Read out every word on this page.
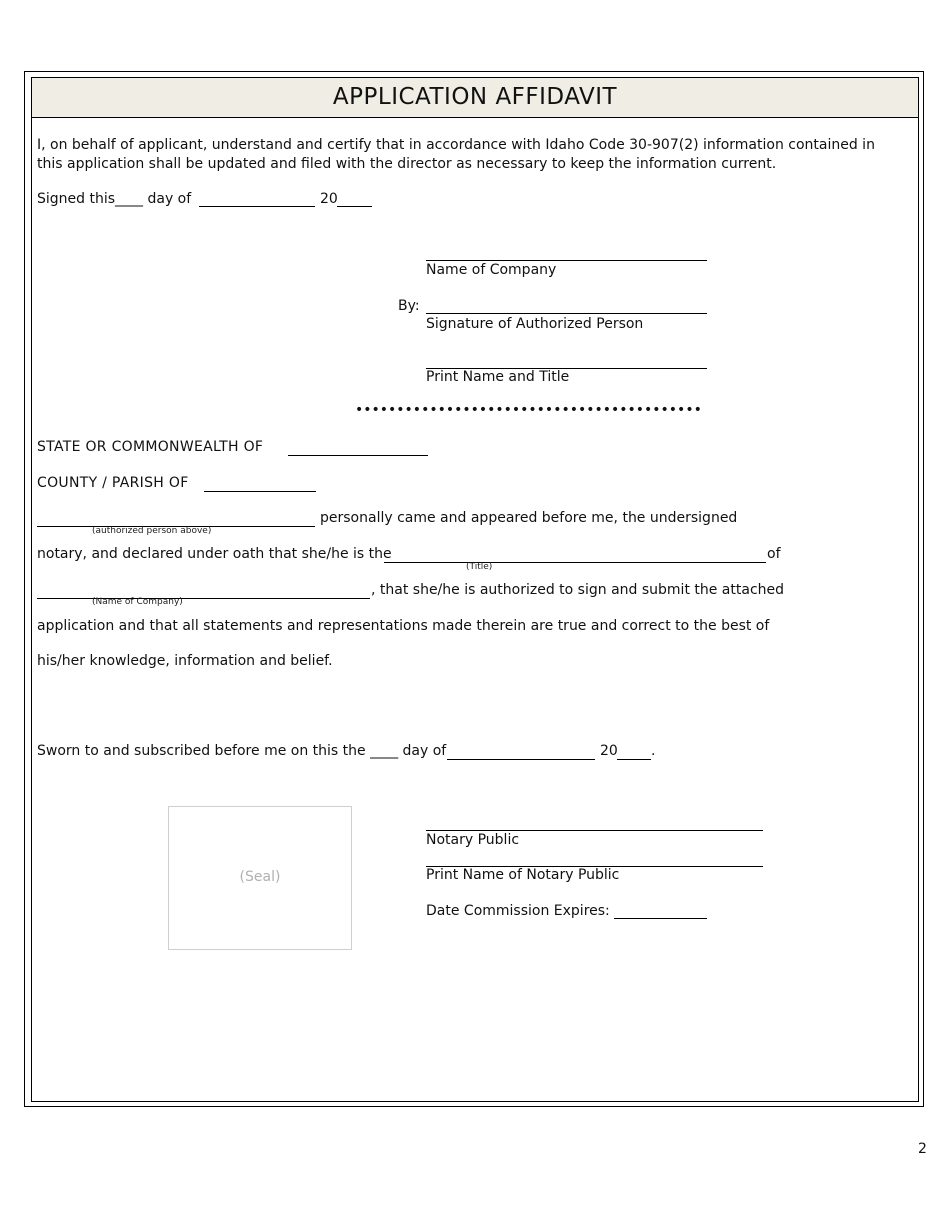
APPLICATION AFFIDAVIT
I, on behalf of applicant, understand and certify that in accordance with Idaho Code 30-907(2) information contained in this application shall be updated and filed with the director as necessary to keep the information current.
Signed this____ day of	20
Name of Company
By:
Signature of Authorized Person
Print Name and Title
••••••••••••••••••••••••••••••••••••••••••
STATE OR COMMONWEALTH OF
COUNTY / PARISH OF
(authorized person above)
personally came and appeared before me, the undersigned
notary, and declared under oath that she/he is the
(Title)
of
(Name of Company)
, that she/he is authorized to sign and submit the attached
application and that all statements and representations made therein are true and correct to the best of
his/her knowledge, information and belief.
Sworn to and subscribed before me on this the ____ day of	20 .
(Seal)
Notary Public
Print Name of Notary Public
Date Commission Expires:
2
